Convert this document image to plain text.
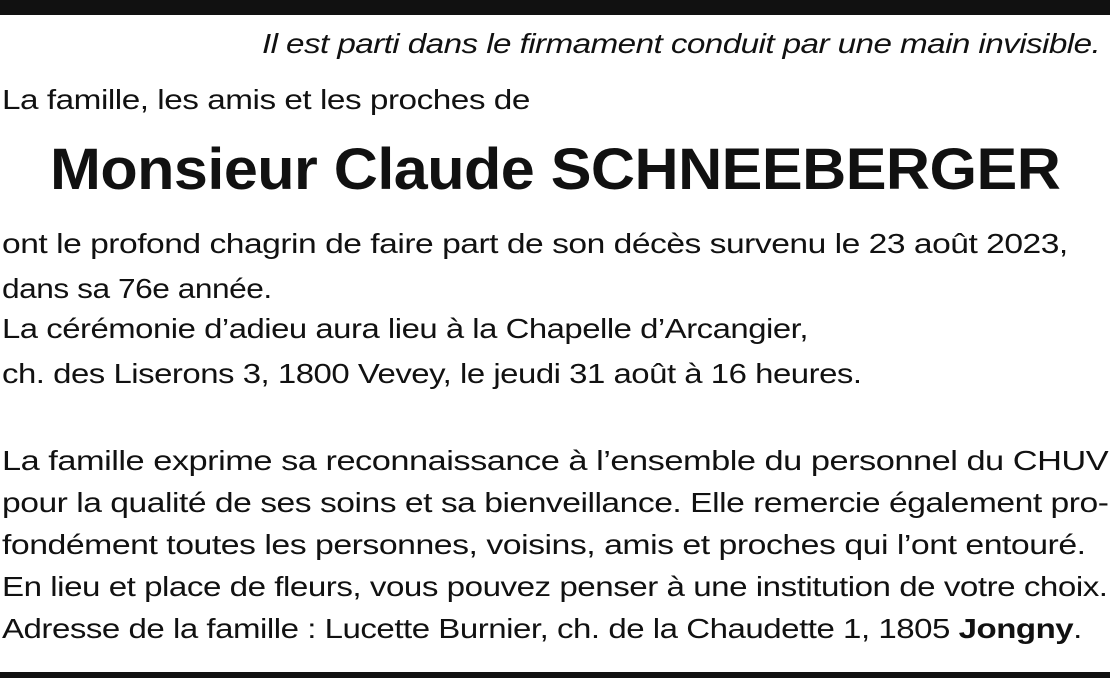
Il est parti dans le firmament conduit par une main invisible.
La famille, les amis et les proches de
Monsieur Claude SCHNEEBERGER
ont le profond chagrin de faire part de son décès survenu le 23 août 2023,
dans sa 76e année.
La cérémonie d’adieu aura lieu à la Chapelle d’Arcangier,
ch. des Liserons 3, 1800 Vevey, le jeudi 31 août à 16 heures.
La famille exprime sa reconnaissance à l’ensemble du personnel du CHUV
pour la qualité de ses soins et sa bienveillance. Elle remercie également pro-
fondément toutes les personnes, voisins, amis et proches qui l’ont entouré.
En lieu et place de fleurs, vous pouvez penser à une institution de votre choix.
Adresse de la famille : Lucette Burnier, ch. de la Chaudette 1, 1805 Jongny.
